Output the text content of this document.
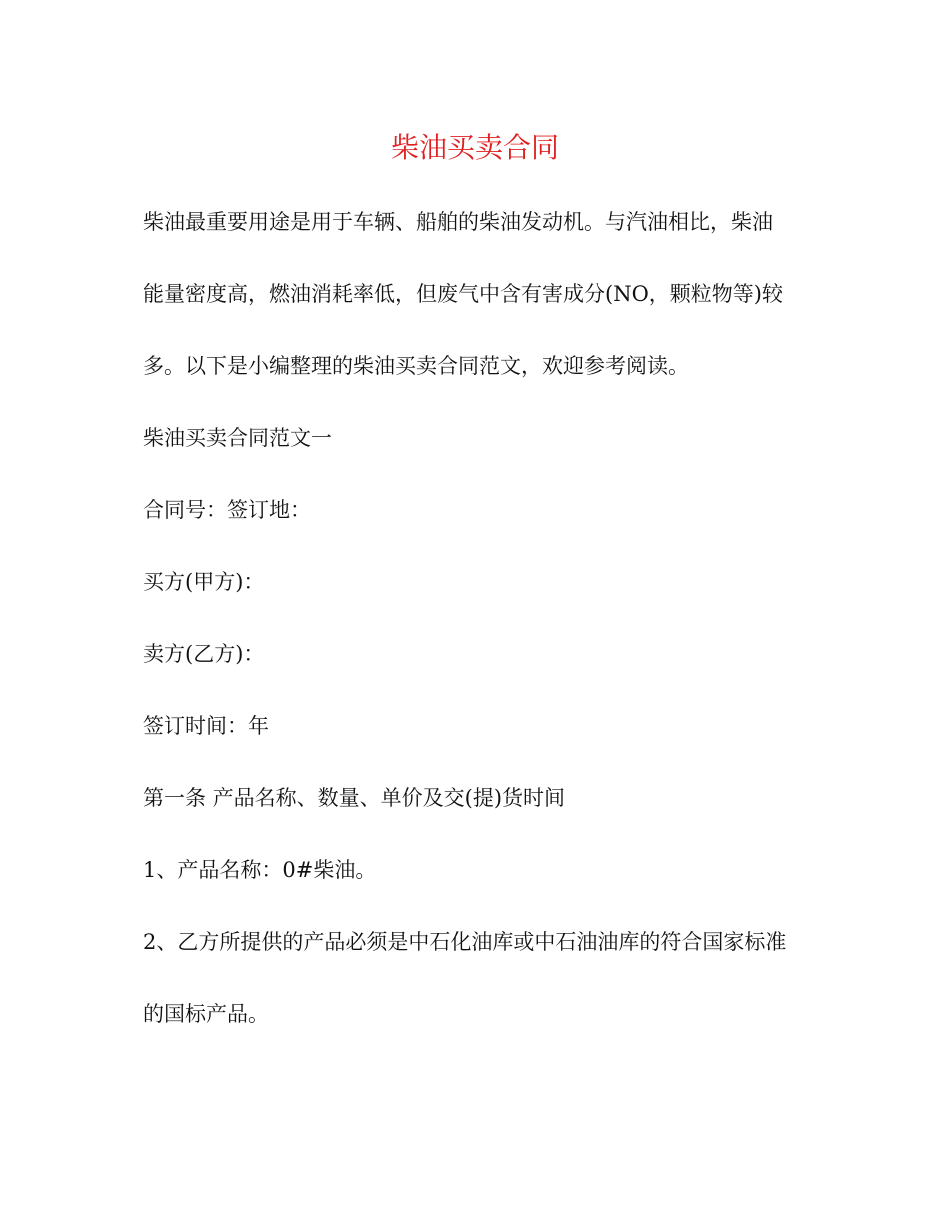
柴油买卖合同
柴油最重要用途是用于车辆、船舶的柴油发动机。与汽油相比，柴油
能量密度高，燃油消耗率低，但废气中含有害成分(NO，颗粒物等)较
多。以下是小编整理的柴油买卖合同范文，欢迎参考阅读。
柴油买卖合同范文一
合同号：签订地：
买方(甲方)：
卖方(乙方)：
签订时间：年
第一条 产品名称、数量、单价及交(提)货时间
1、产品名称：0#柴油。
2、乙方所提供的产品必须是中石化油库或中石油油库的符合国家标准
的国标产品。
